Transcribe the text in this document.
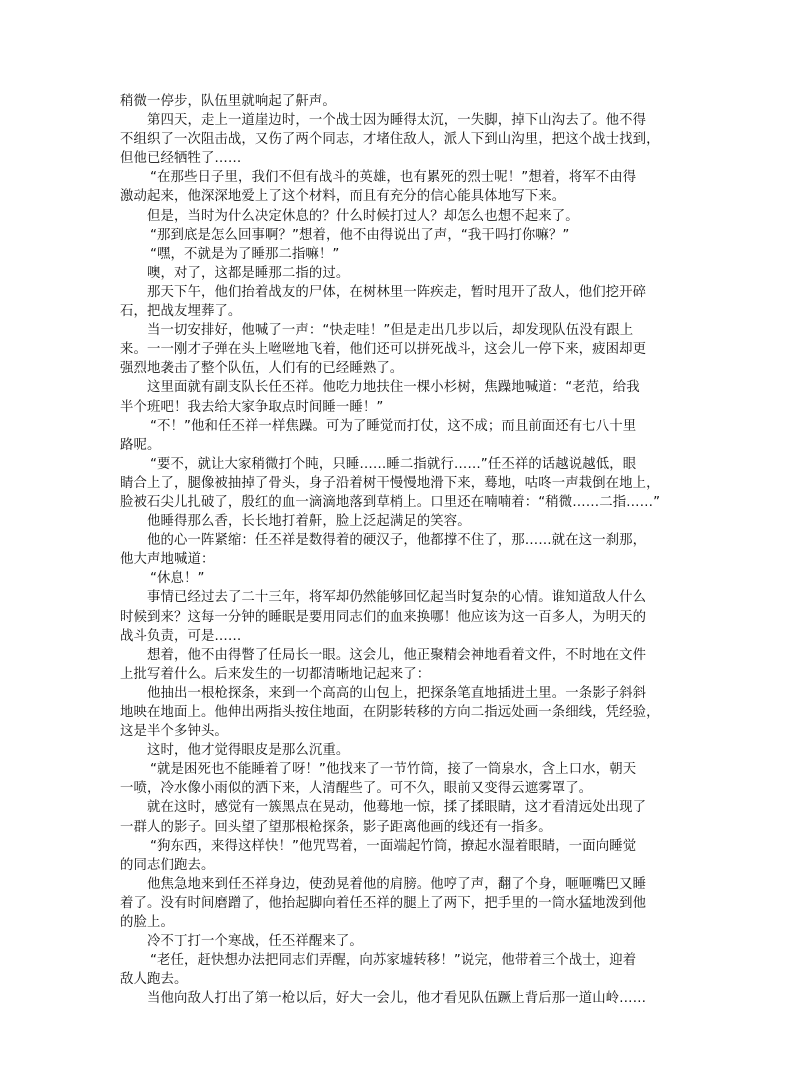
稍微一停步，队伍里就响起了鼾声。
第四天，走上一道崖边时，一个战士因为睡得太沉，一失脚，掉下山沟去了。他不得
不组织了一次阻击战，又伤了两个同志，才堵住敌人，派人下到山沟里，把这个战士找到，
但他已经牺牲了……
“在那些日子里，我们不但有战斗的英雄，也有累死的烈士呢！”想着，将军不由得
激动起来，他深深地爱上了这个材料，而且有充分的信心能具体地写下来。
但是，当时为什么决定休息的？什么时候打过人？却怎么也想不起来了。
“那到底是怎么回事啊？”想着，他不由得说出了声，“我干吗打你嘛？”
“嘿，不就是为了睡那二指嘛！”
噢，对了，这都是睡那二指的过。
那天下午，他们抬着战友的尸体，在树林里一阵疾走，暂时甩开了敌人，他们挖开碎
石，把战友埋葬了。
当一切安排好，他喊了一声：“快走哇！”但是走出几步以后，却发现队伍没有跟上
来。一一刚才子弹在头上咝咝地飞着，他们还可以拼死战斗，这会儿一停下来，疲困却更
强烈地袭击了整个队伍，人们有的已经睡熟了。
这里面就有副支队长任丕祥。他吃力地扶住一棵小杉树，焦躁地喊道：“老范，给我
半个班吧！我去给大家争取点时间睡一睡！”
“不！”他和任丕祥一样焦躁。可为了睡觉而打仗，这不成；而且前面还有七八十里
路呢。
“要不，就让大家稍微打个盹，只睡……睡二指就行……”任丕祥的话越说越低，眼
睛合上了，腿像被抽掉了骨头，身子沿着树干慢慢地滑下来，蓦地，咕咚一声栽倒在地上，
脸被石尖儿扎破了，殷红的血一滴滴地落到草梢上。口里还在喃喃着：“稍微……二指……”
他睡得那么香，长长地打着鼾，脸上泛起满足的笑容。
他的心一阵紧缩：任丕祥是数得着的硬汉子，他都撑不住了，那……就在这一刹那，
他大声地喊道：
“休息！”
事情已经过去了二十三年，将军却仍然能够回忆起当时复杂的心情。谁知道敌人什么
时候到来？这每一分钟的睡眠是要用同志们的血来换哪！他应该为这一百多人，为明天的
战斗负责，可是……
想着，他不由得瞥了任局长一眼。这会儿，他正聚精会神地看着文件，不时地在文件
上批写着什么。后来发生的一切都清晰地记起来了：
他抽出一根枪探条，来到一个高高的山包上，把探条笔直地插进土里。一条影子斜斜
地映在地面上。他伸出两指头按住地面，在阴影转移的方向二指远处画一条细线，凭经验，
这是半个多钟头。
这时，他才觉得眼皮是那么沉重。
“就是困死也不能睡着了呀！”他找来了一节竹筒，接了一筒泉水，含上口水，朝天
一喷，冷水像小雨似的洒下来，人清醒些了。可不久，眼前又变得云遮雾罩了。
就在这时，感觉有一簇黑点在晃动，他蓦地一惊，揉了揉眼睛，这才看清远处出现了
一群人的影子。回头望了望那根枪探条，影子距离他画的线还有一指多。
“狗东西，来得这样快！”他咒骂着，一面端起竹筒，撩起水湿着眼睛，一面向睡觉
的同志们跑去。
他焦急地来到任丕祥身边，使劲晃着他的肩膀。他哼了声，翻了个身，咂咂嘴巴又睡
着了。没有时间磨蹭了，他抬起脚向着任丕祥的腿上了两下，把手里的一筒水猛地泼到他
的脸上。
冷不丁打一个寒战，任丕祥醒来了。
“老任，赶快想办法把同志们弄醒，向苏家墟转移！”说完，他带着三个战士，迎着
敌人跑去。
当他向敌人打出了第一枪以后，好大一会儿，他才看见队伍蹶上背后那一道山岭……
